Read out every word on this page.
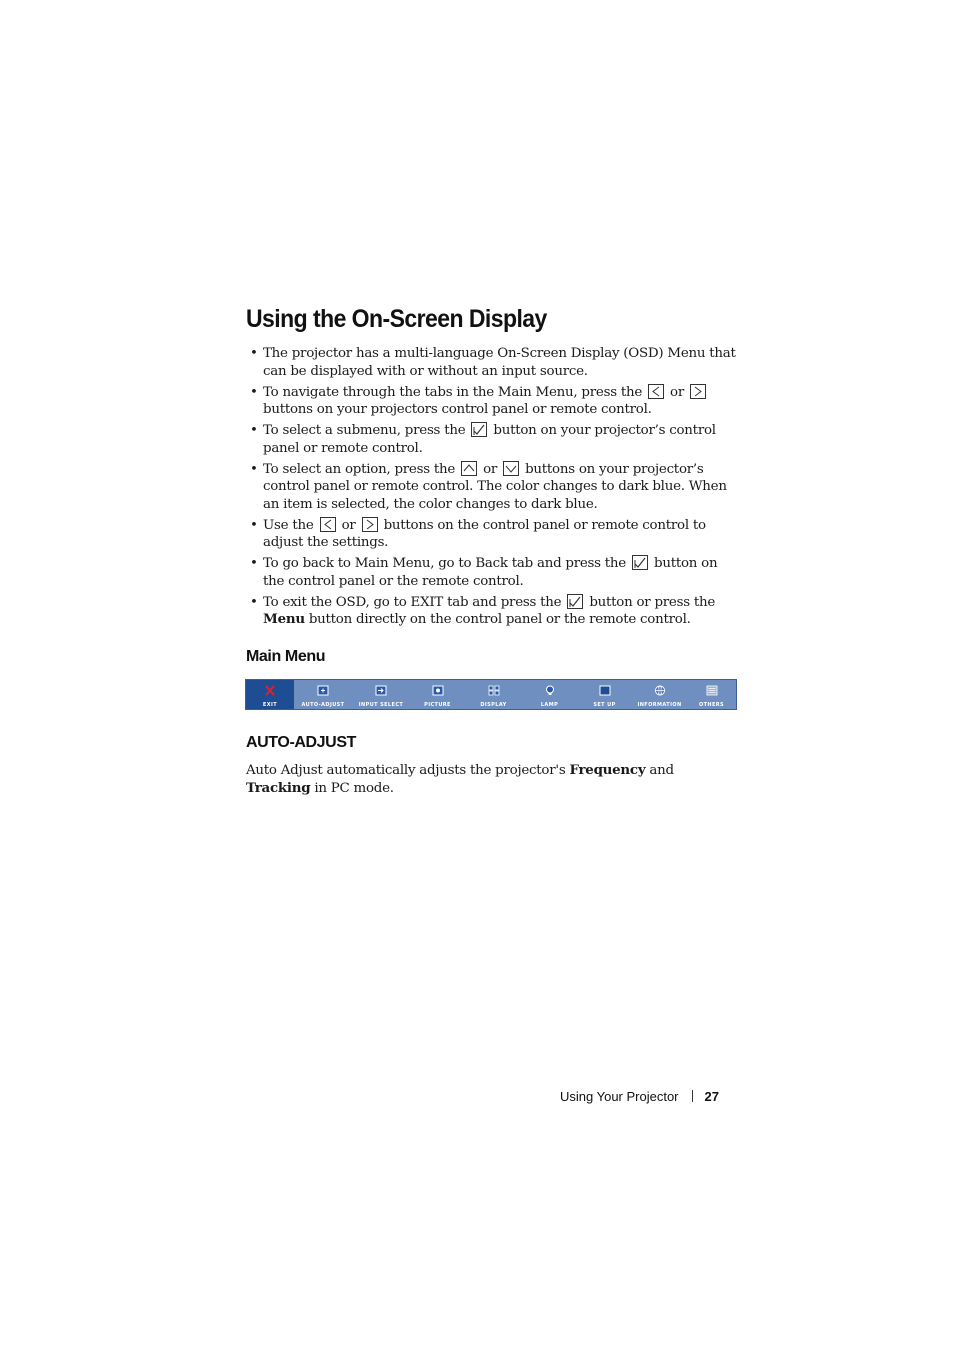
Using the On-Screen Display
• The projector has a multi-language On-Screen Display (OSD) Menu that can be displayed with or without an input source.
• To navigate through the tabs in the Main Menu, press the or
buttons on your projectors control panel or remote control.
• To select a submenu, press the button on your projector’s control panel or remote control.
• To select an option, press the or buttons on your projector’s control panel or remote control. The color changes to dark blue. When an item is selected, the color changes to dark blue.
• Use the or buttons on the control panel or remote control to adjust the settings.
• To go back to Main Menu, go to Back tab and press the button on the control panel or the remote control.
• To exit the OSD, go to EXIT tab and press the button or press the Menu button directly on the control panel or the remote control.
Main Menu
EXIT	AUTO-ADJUST	INPUT SELECT	PICTURE	DISPLAY	LAMP	SET UP	INFORMATION	OTHERS
AUTO-ADJUST

Auto Adjust automatically adjusts the projector's Frequency and Tracking in PC mode.

Using Your Projector 27
